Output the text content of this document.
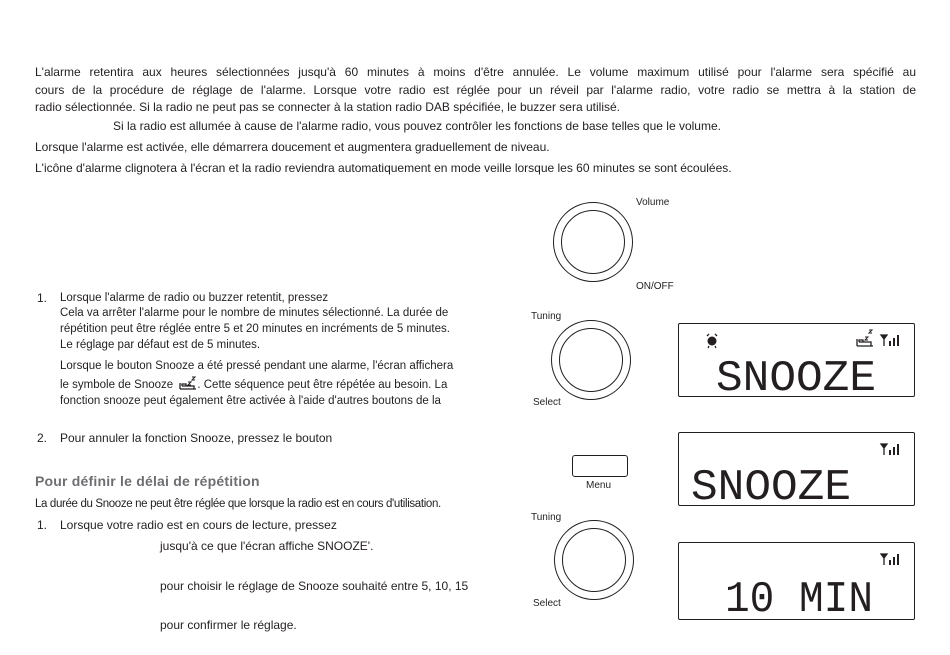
L'alarme retentira aux heures sélectionnées jusqu'à 60 minutes à moins d'être annulée. Le volume maximum utilisé pour l'alarme sera spécifié au
cours de la procédure de réglage de l'alarme. Lorsque votre radio est réglée pour un réveil par l'alarme radio, votre radio se mettra à la station de
radio sélectionnée. Si la radio ne peut pas se connecter à la station radio DAB spécifiée, le buzzer sera utilisé.
Si la radio est allumée à cause de l'alarme radio, vous pouvez contrôler les fonctions de base telles que le volume.
Lorsque l'alarme est activée, elle démarrera doucement et augmentera graduellement de niveau.
L'icône d'alarme clignotera à l'écran et la radio reviendra automatiquement en mode veille lorsque les 60 minutes se sont écoulées.
1. Lorsque l'alarme de radio ou buzzer retentit, pressez
Cela va arrêter l'alarme pour le nombre de minutes sélectionné. La durée de
répétition peut être réglée entre 5 et 20 minutes en incréments de 5 minutes.
Le réglage par défaut est de 5 minutes.
Lorsque le bouton Snooze a été pressé pendant une alarme, l'écran affichera
le symbole de Snooze . Cette séquence peut être répétée au besoin. La
fonction snooze peut également être activée à l'aide d'autres boutons de la
2. Pour annuler la fonction Snooze, pressez le bouton
Pour définir le délai de répétition
La durée du Snooze ne peut être réglée que lorsque la radio est en cours d'utilisation.
1. Lorsque votre radio est en cours de lecture, pressez
jusqu'à ce que l'écran affiche SNOOZE'.
pour choisir le réglage de Snooze souhaité entre 5, 10, 15
pour confirmer le réglage.
Volume
ON/OFF
Tuning
Select
Menu
Tuning
Select
SNOOZE
SNOOZE
10 MIN
